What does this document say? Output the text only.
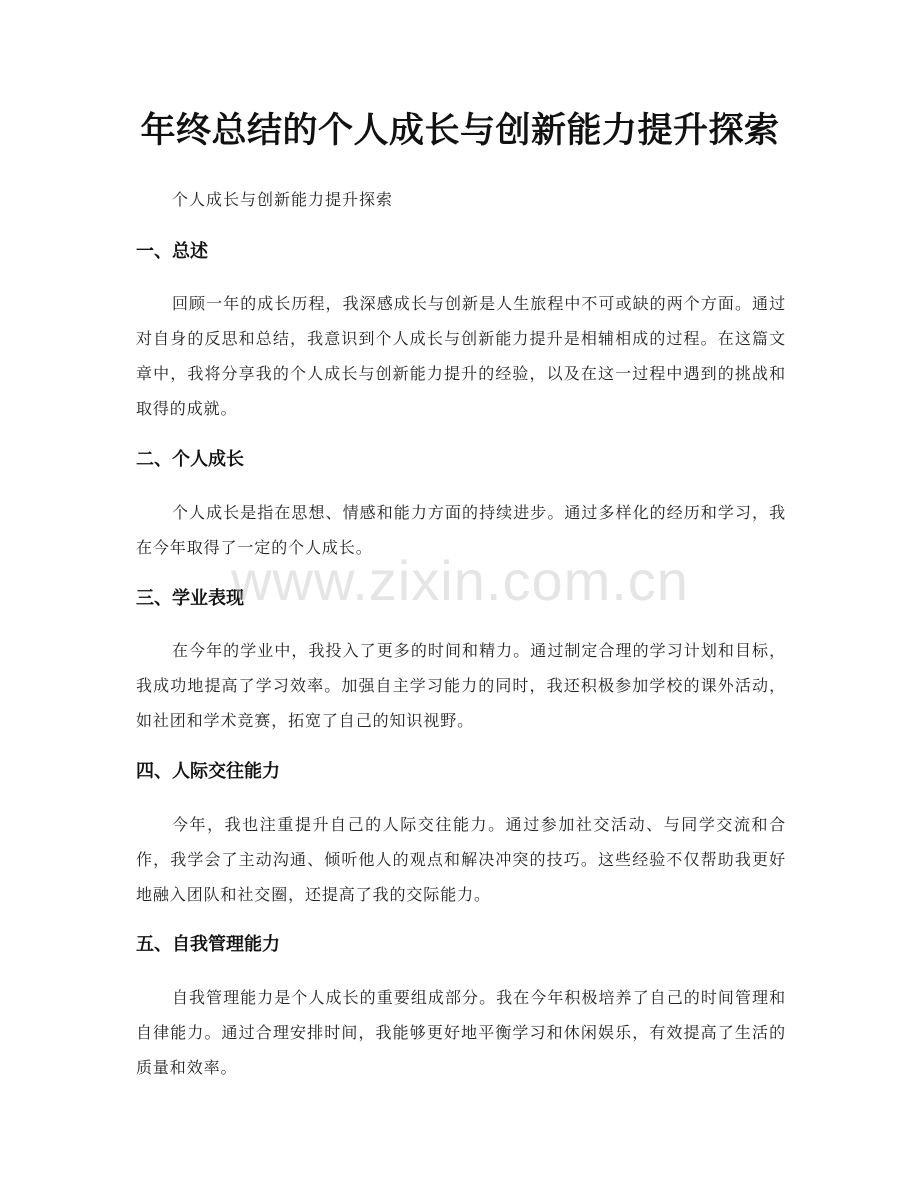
年终总结的个人成长与创新能力提升探索
个人成长与创新能力提升探索
一、总述
回顾一年的成长历程，我深感成长与创新是人生旅程中不可或缺的两个方面。通过对自身的反思和总结，我意识到个人成长与创新能力提升是相辅相成的过程。在这篇文章中，我将分享我的个人成长与创新能力提升的经验，以及在这一过程中遇到的挑战和取得的成就。
二、个人成长
个人成长是指在思想、情感和能力方面的持续进步。通过多样化的经历和学习，我在今年取得了一定的个人成长。
三、学业表现
在今年的学业中，我投入了更多的时间和精力。通过制定合理的学习计划和目标，我成功地提高了学习效率。加强自主学习能力的同时，我还积极参加学校的课外活动，如社团和学术竞赛，拓宽了自己的知识视野。
四、人际交往能力
今年，我也注重提升自己的人际交往能力。通过参加社交活动、与同学交流和合作，我学会了主动沟通、倾听他人的观点和解决冲突的技巧。这些经验不仅帮助我更好地融入团队和社交圈，还提高了我的交际能力。
五、自我管理能力
自我管理能力是个人成长的重要组成部分。我在今年积极培养了自己的时间管理和自律能力。通过合理安排时间，我能够更好地平衡学习和休闲娱乐，有效提高了生活的质量和效率。
www.zixin.com.cn
